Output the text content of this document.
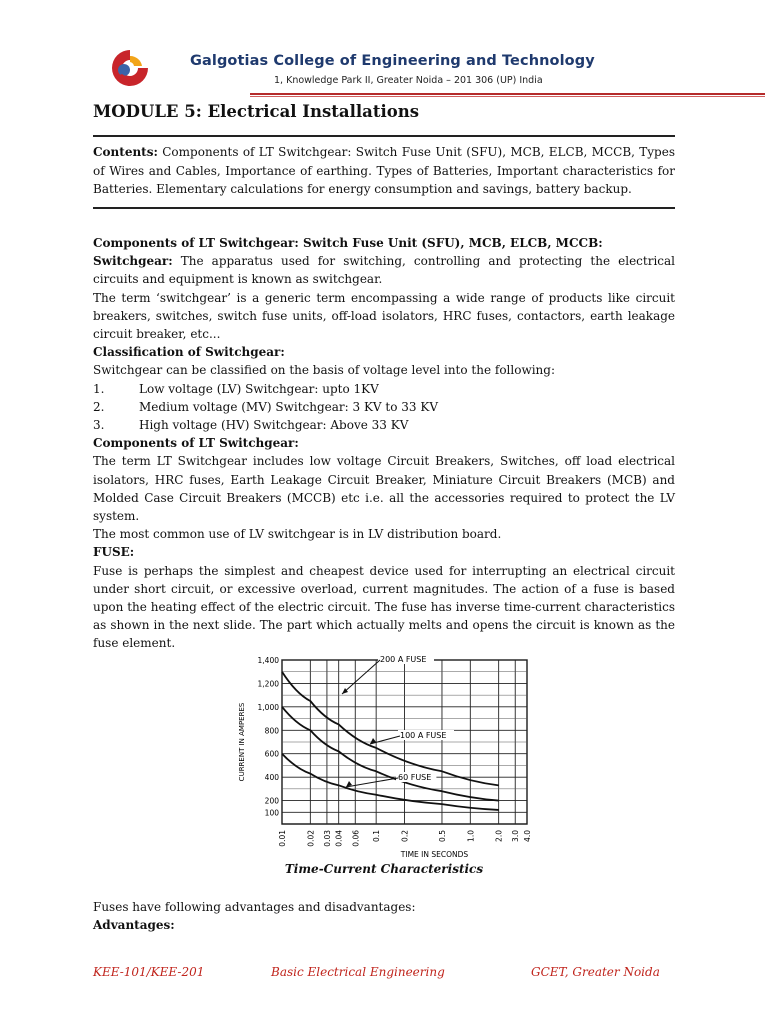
Galgotias College of Engineering and Technology
1, Knowledge Park II, Greater Noida – 201 306 (UP) India
MODULE 5: Electrical Installations
Contents: Components of LT Switchgear: Switch Fuse Unit (SFU), MCB, ELCB, MCCB, Types of Wires and Cables, Importance of earthing. Types of Batteries, Important characteristics for Batteries. Elementary calculations for energy consumption and savings, battery backup.

Components of LT Switchgear: Switch Fuse Unit (SFU), MCB, ELCB, MCCB:

Switchgear: The apparatus used for switching, controlling and protecting the electrical circuits and equipment is known as switchgear.

The term ‘switchgear’ is a generic term encompassing a wide range of products like circuit breakers, switches, switch fuse units, off-load isolators, HRC fuses, contactors, earth leakage circuit breaker, etc...

Classification of Switchgear:

Switchgear can be classified on the basis of voltage level into the following:

1.	Low voltage (LV) Switchgear: upto 1KV
2.	Medium voltage (MV) Switchgear: 3 KV to 33 KV
3.	High voltage (HV) Switchgear: Above 33 KV

Components of LT Switchgear:

The term LT Switchgear includes low voltage Circuit Breakers, Switches, off load electrical isolators, HRC fuses, Earth Leakage Circuit Breaker, Miniature Circuit Breakers (MCB) and Molded Case Circuit Breakers (MCCB) etc i.e. all the accessories required to protect the LV system.

The most common use of LV switchgear is in LV distribution board.

FUSE:

Fuse is perhaps the simplest and cheapest device used for interrupting an electrical circuit under short circuit, or excessive overload, current magnitudes. The action of a fuse is based upon the heating effect of the electric circuit. The fuse has inverse time-current characteristics as shown in the next slide. The part which actually melts and opens the circuit is known as the fuse element.

0.01	0.02 0.03 0.04 0.06 0.1	0.2	0.5	1.0	2.0 3.0 4.0
1,400
1,200
1,000
800
600
400
200
100
TIME IN SECONDS
CURRENT IN AMPERES
200 A FUSE
100 A FUSE
60 FUSE
Time-Current Characteristics

Fuses have following advantages and disadvantages:

Advantages:

KEE-101/KEE-201	Basic Electrical Engineering	GCET, Greater Noida
